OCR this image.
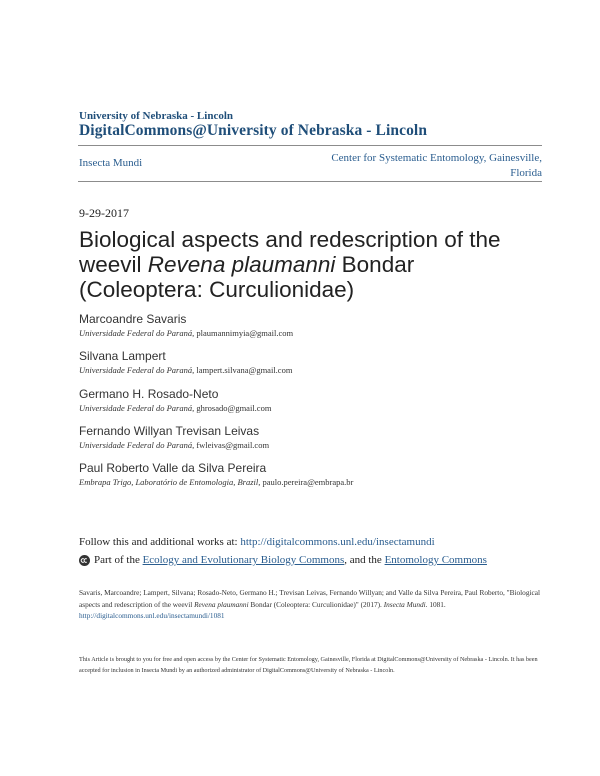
University of Nebraska - Lincoln
DigitalCommons@University of Nebraska - Lincoln
Insecta Mundi	Center for Systematic Entomology, Gainesville, Florida
9-29-2017
Biological aspects and redescription of the weevil Revena plaumanni Bondar (Coleoptera: Curculionidae)
Marcoandre Savaris
Universidade Federal do Paraná, plaumannimyia@gmail.com
Silvana Lampert
Universidade Federal do Paraná, lampert.silvana@gmail.com
Germano H. Rosado-Neto
Universidade Federal do Paraná, ghrosado@gmail.com
Fernando Willyan Trevisan Leivas
Universidade Federal do Paraná, fwleivas@gmail.com
Paul Roberto Valle da Silva Pereira
Embrapa Trigo, Laboratório de Entomologia, Brazil, paulo.pereira@embrapa.br
Follow this and additional works at: http://digitalcommons.unl.edu/insectamundi
Part of the Ecology and Evolutionary Biology Commons, and the Entomology Commons
Savaris, Marcoandre; Lampert, Silvana; Rosado-Neto, Germano H.; Trevisan Leivas, Fernando Willyan; and Valle da Silva Pereira, Paul Roberto, "Biological aspects and redescription of the weevil Revena plaumanni Bondar (Coleoptera: Curculionidae)" (2017). Insecta Mundi. 1081.
http://digitalcommons.unl.edu/insectamundi/1081
This Article is brought to you for free and open access by the Center for Systematic Entomology, Gainesville, Florida at DigitalCommons@University of Nebraska - Lincoln. It has been accepted for inclusion in Insecta Mundi by an authorized administrator of DigitalCommons@University of Nebraska - Lincoln.
